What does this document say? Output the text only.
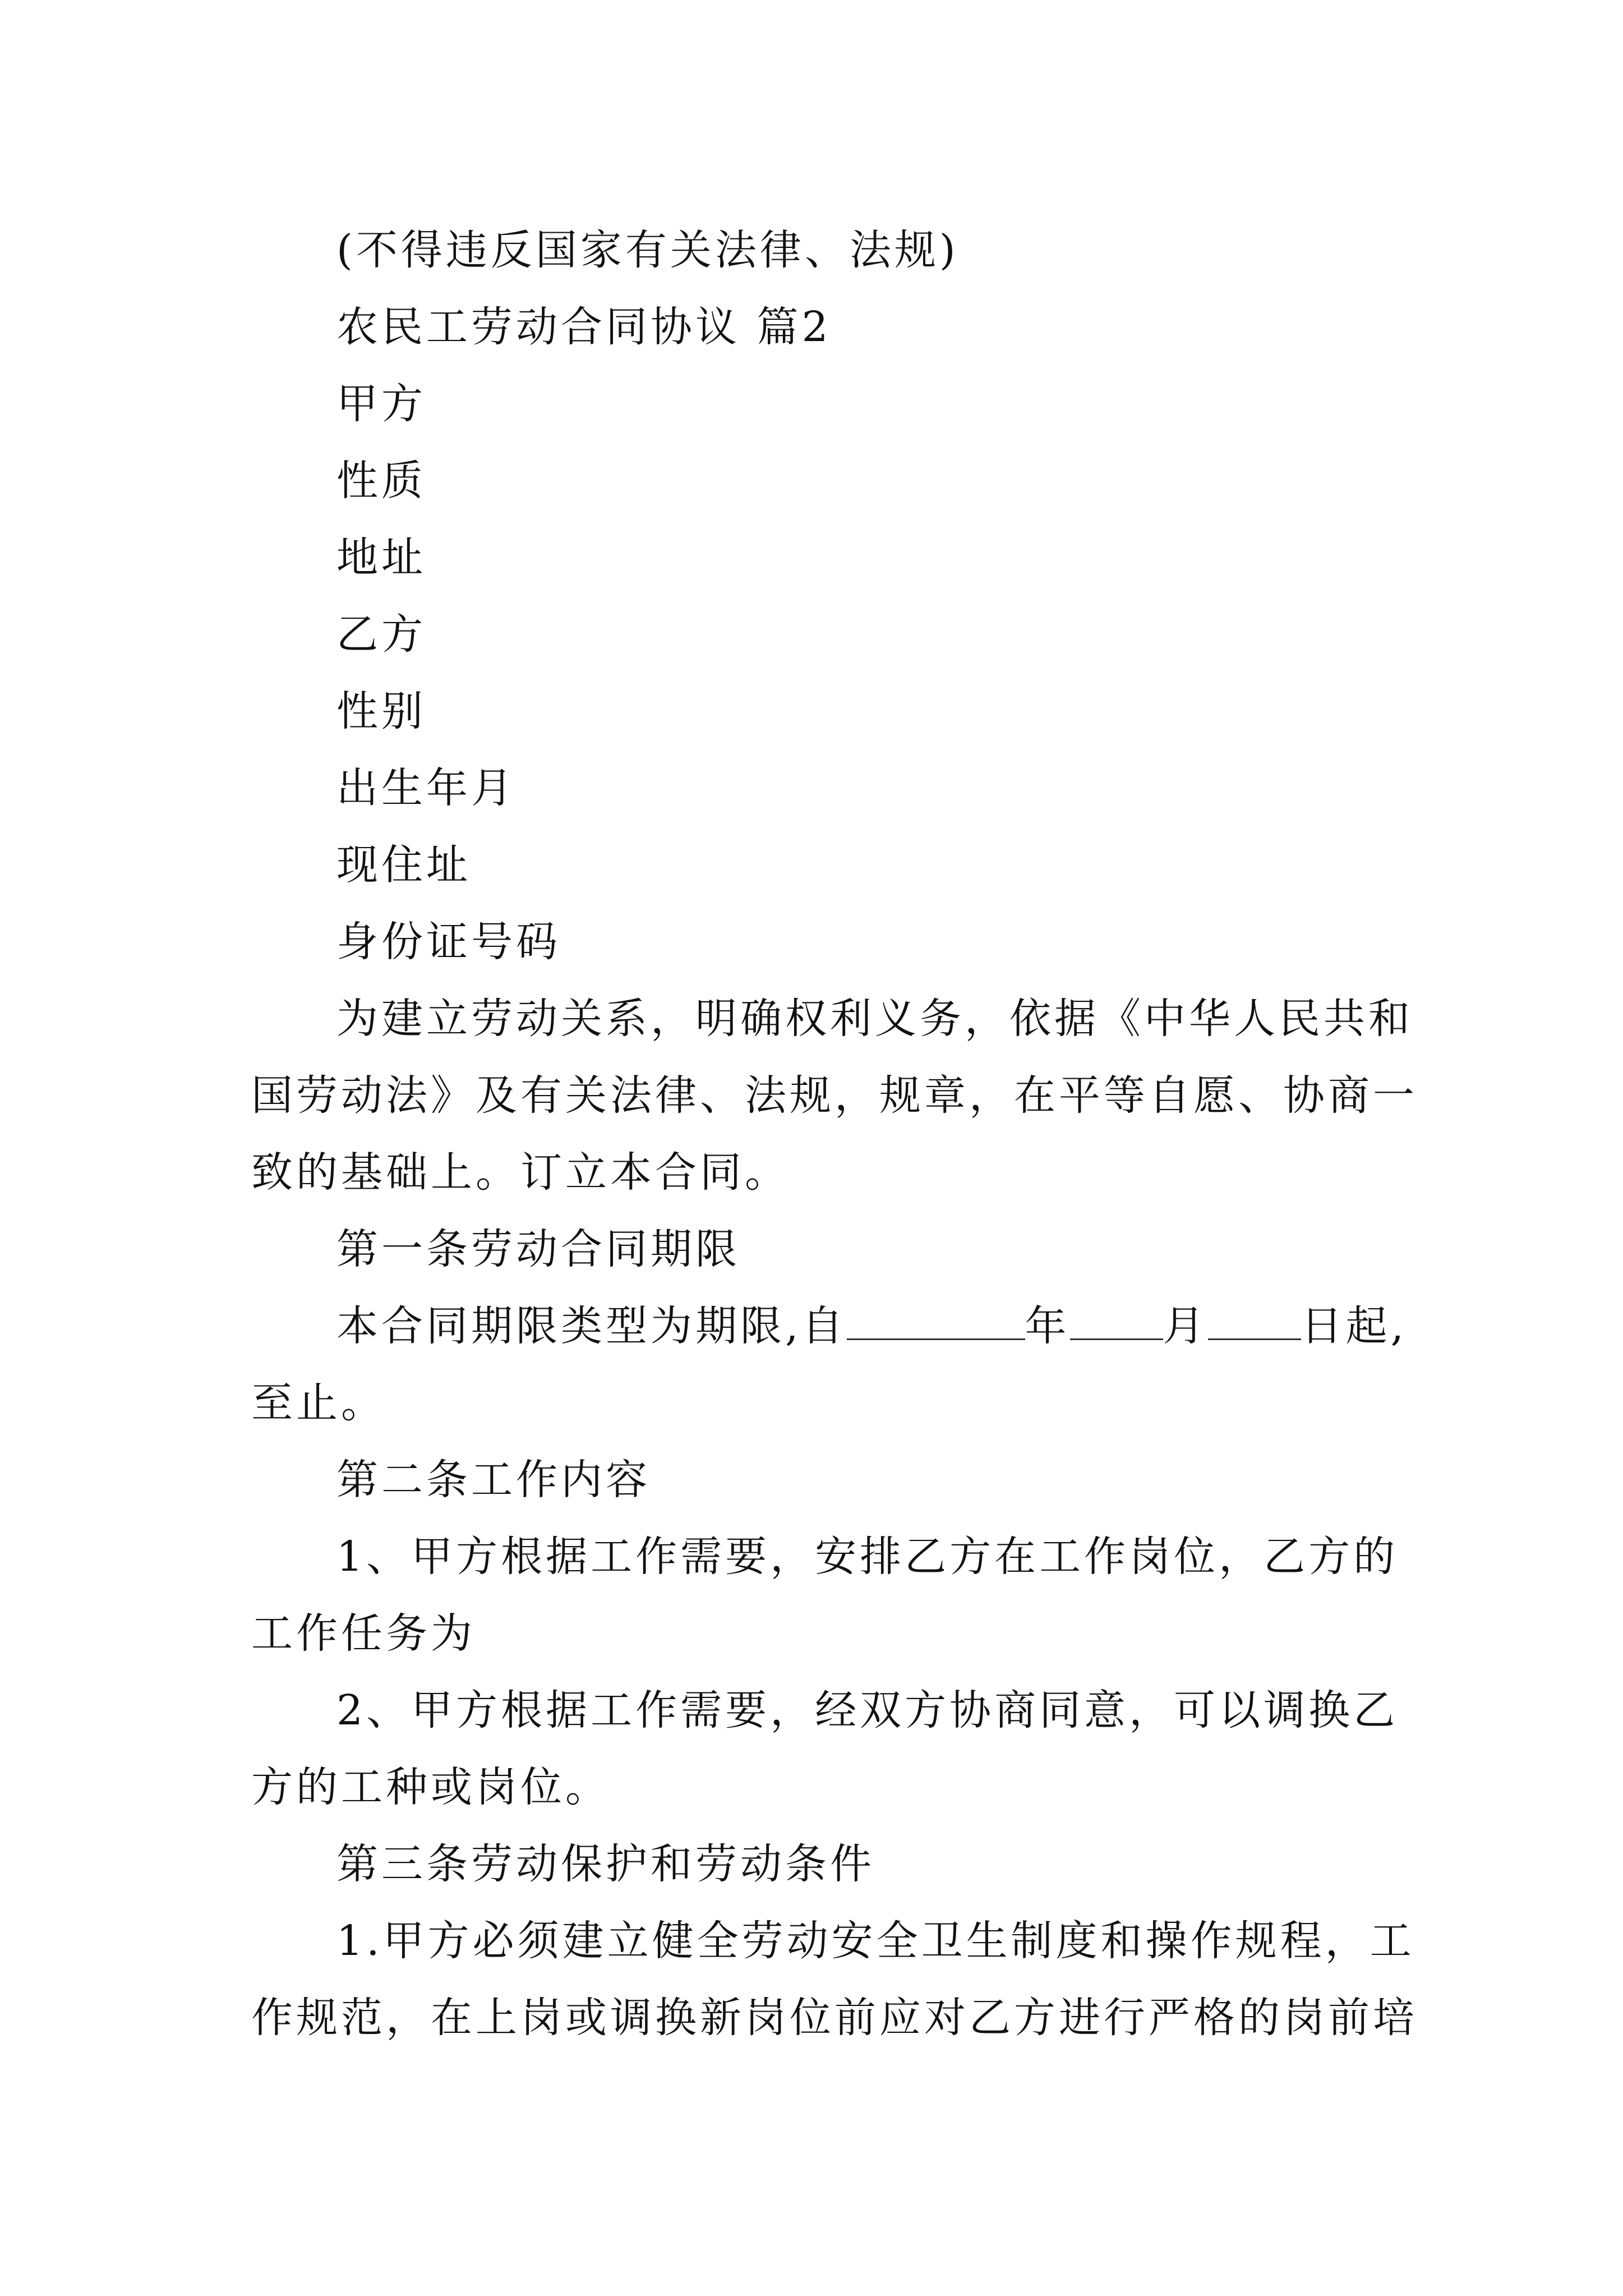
(不得违反国家有关法律、法规)
农民工劳动合同协议 篇2
甲方
性质
地址
乙方
性别
出生年月
现住址
身份证号码
为建立劳动关系，明确权利义务，依据《中华人民共和
国劳动法》及有关法律、法规，规章，在平等自愿、协商一
致的基础上。订立本合同。
第一条劳动合同期限
本合同期限类型为期限,自	年 月 日起,
至止。
第二条工作内容
1、甲方根据工作需要，安排乙方在工作岗位，乙方的
工作任务为
2、甲方根据工作需要，经双方协商同意，可以调换乙
方的工种或岗位。
第三条劳动保护和劳动条件
1.甲方必须建立健全劳动安全卫生制度和操作规程，工
作规范，在上岗或调换新岗位前应对乙方进行严格的岗前培
